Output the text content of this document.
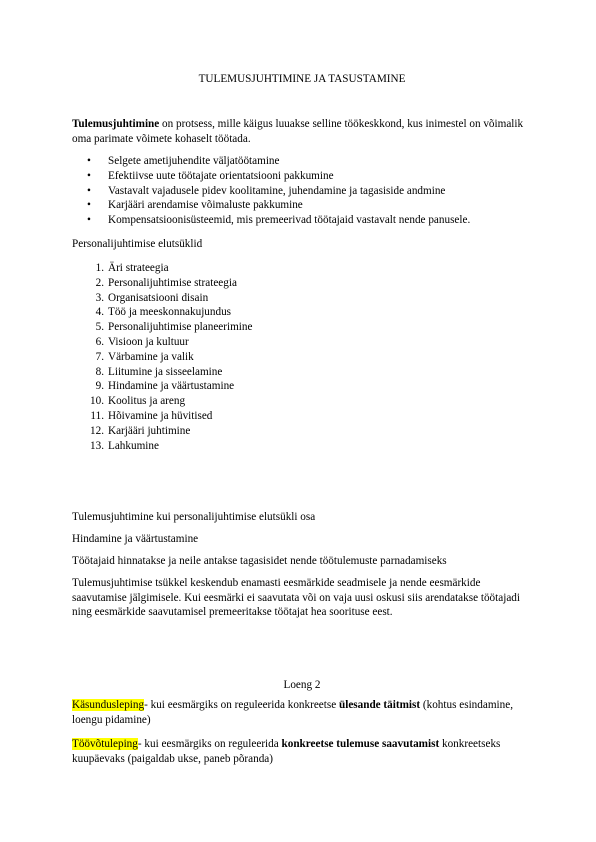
TULEMUSJUHTIMINE JA TASUSTAMINE

Tulemusjuhtimine on protsess, mille käigus luuakse selline töökeskkond, kus inimestel on võimalik oma parimate võimete kohaselt töötada.

• Selgete ametijuhendite väljatöötamine
• Efektiivse uute töötajate orientatsiooni pakkumine
• Vastavalt vajadusele pidev koolitamine, juhendamine ja tagasiside andmine
• Karjääri arendamise võimaluste pakkumine
• Kompensatsioonisüsteemid, mis premeerivad töötajaid vastavalt nende panusele.

Personalijuhtimise elutsüklid

1. Äri strateegia
2. Personalijuhtimise strateegia
3. Organisatsiooni disain
4. Töö ja meeskonnakujundus
5. Personalijuhtimise planeerimine
6. Visioon ja kultuur
7. Värbamine ja valik
8. Liitumine ja sisseelamine
9. Hindamine ja väärtustamine
10. Koolitus ja areng
11. Hõivamine ja hüvitised
12. Karjääri juhtimine
13. Lahkumine

Tulemusjuhtimine kui personalijuhtimise elutsükli osa

Hindamine ja väärtustamine

Töötajaid hinnatakse ja neile antakse tagasisidet nende töötulemuste parnadamiseks

Tulemusjuhtimise tsükkel keskendub enamasti eesmärkide seadmisele ja nende eesmärkide saavutamise jälgimisele. Kui eesmärki ei saavutata või on vaja uusi oskusi siis arendatakse töötajadi ning eesmärkide saavutamisel premeeritakse töötajat hea soorituse eest.

Loeng 2

Käsundusleping- kui eesmärgiks on reguleerida konkreetse ülesande täitmist (kohtus esindamine, loengu pidamine)

Töövõtuleping- kui eesmärgiks on reguleerida konkreetse tulemuse saavutamist konkreetseks kuupäevaks (paigaldab ukse, paneb põranda)
